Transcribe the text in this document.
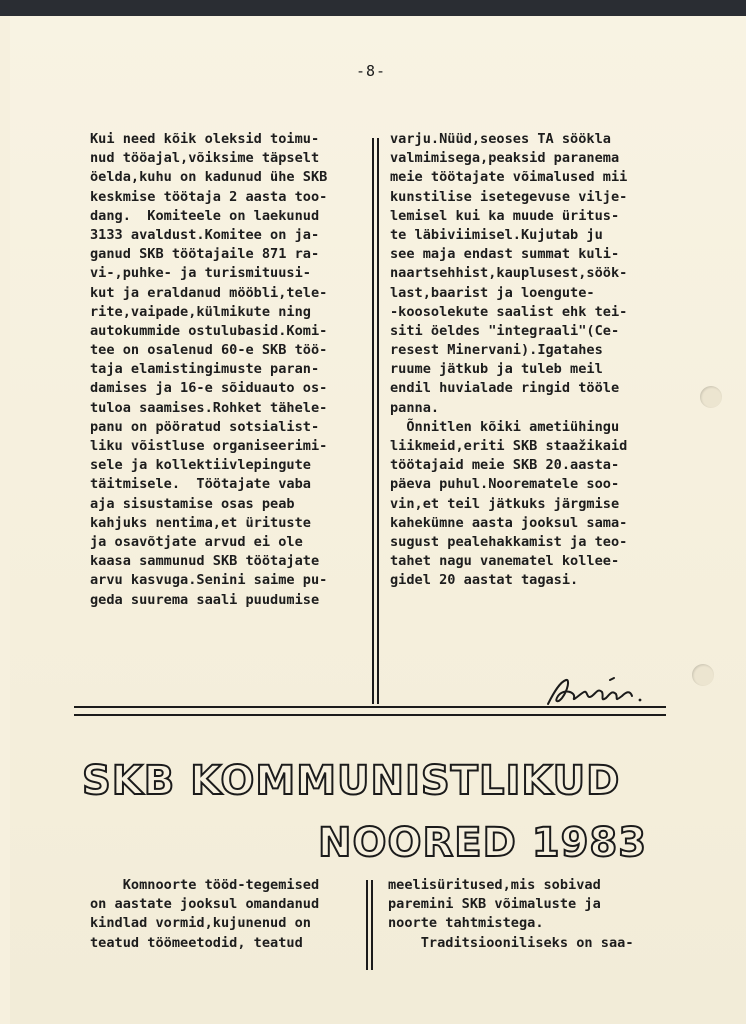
-8-
Kui need kõik oleksid toimu-
nud tööajal,võiksime täpselt
öelda,kuhu on kadunud ühe SKB
keskmise töötaja 2 aasta too-
dang.  Komiteele on laekunud
3133 avaldust.Komitee on ja-
ganud SKB töötajaile 871 ra-
vi-,puhke- ja turismituusi-
kut ja eraldanud mööbli,tele-
rite,vaipade,külmikute ning
autokummide ostulubasid.Komi-
tee on osalenud 60-e SKB töö-
taja elamistingimuste paran-
damises ja 16-e sõiduauto os-
tuloa saamises.Rohket tähele-
panu on pööratud sotsialist-
liku võistluse organiseerimi-
sele ja kollektiivlepingute
täitmisele.  Töötajate vaba
aja sisustamise osas peab
kahjuks nentima,et ürituste
ja osavõtjate arvud ei ole
kaasa sammunud SKB töötajate
arvu kasvuga.Senini saime pu-
geda suurema saali puudumise
varju.Nüüd,seoses TA söökla
valmimisega,peaksid paranema
meie töötajate võimalused mii
kunstilise isetegevuse vilje-
lemisel kui ka muude üritus-
te läbiviimisel.Kujutab ju
see maja endast summat kuli-
naartsehhist,kauplusest,söök-
last,baarist ja loengute-
-koosolekute saalist ehk tei-
siti öeldes "integraali"(Ce-
resest Minervani).Igatahes
ruume jätkub ja tuleb meil
endil huvialade ringid tööle
panna.
Õnnitlen kõiki ametiühingu
liikmeid,eriti SKB staažikaid
töötajaid meie SKB 20.aasta-
päeva puhul.Noorematele soo-
vin,et teil jätkuks järgmise
kahekümne aasta jooksul sama-
sugust pealehakkamist ja teo-
tahet nagu vanematel kollee-
gidel 20 aastat tagasi.
SKB KOMMUNISTLIKUD
NOORED 1983
Komnoorte tööd-tegemised
on aastate jooksul omandanud
kindlad vormid,kujunenud on
teatud töömeetodid, teatud
meelisüritused,mis sobivad
paremini SKB võimaluste ja
noorte tahtmistega.
Traditsiooniliseks on saa-
